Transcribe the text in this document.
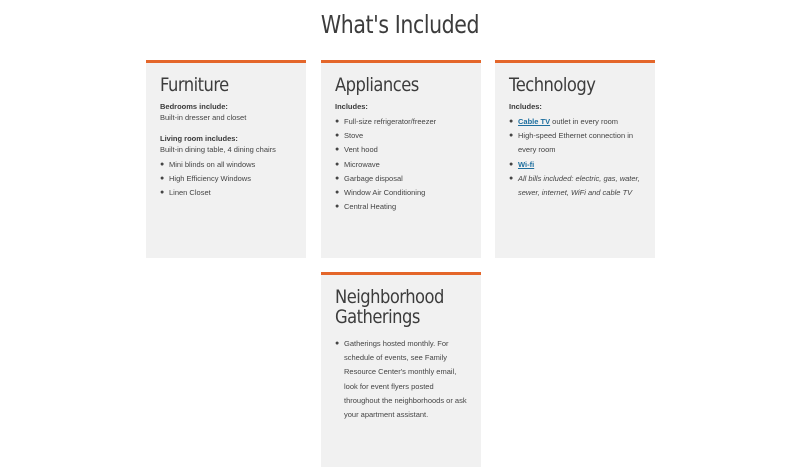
What's Included
Furniture

Bedrooms include:

Built-in dresser and closet

Living room includes:

Built-in dining table, 4 dining chairs

● Mini blinds on all windows
● High Efficiency Windows
● Linen Closet
Appliances

Includes:

● Full-size refrigerator/freezer
● Stove
● Vent hood
● Microwave
● Garbage disposal
● Window Air Conditioning
● Central Heating
Technology

Includes:

● Cable TV outlet in every room
● High-speed Ethernet connection in every room
● Wi-fi
● All bills included: electric, gas, water, sewer, internet, WiFi and cable TV
Neighborhood Gatherings
● Gatherings hosted monthly. For schedule of events, see Family Resource Center's monthly email, look for event flyers posted throughout the neighborhoods or ask your apartment assistant.
